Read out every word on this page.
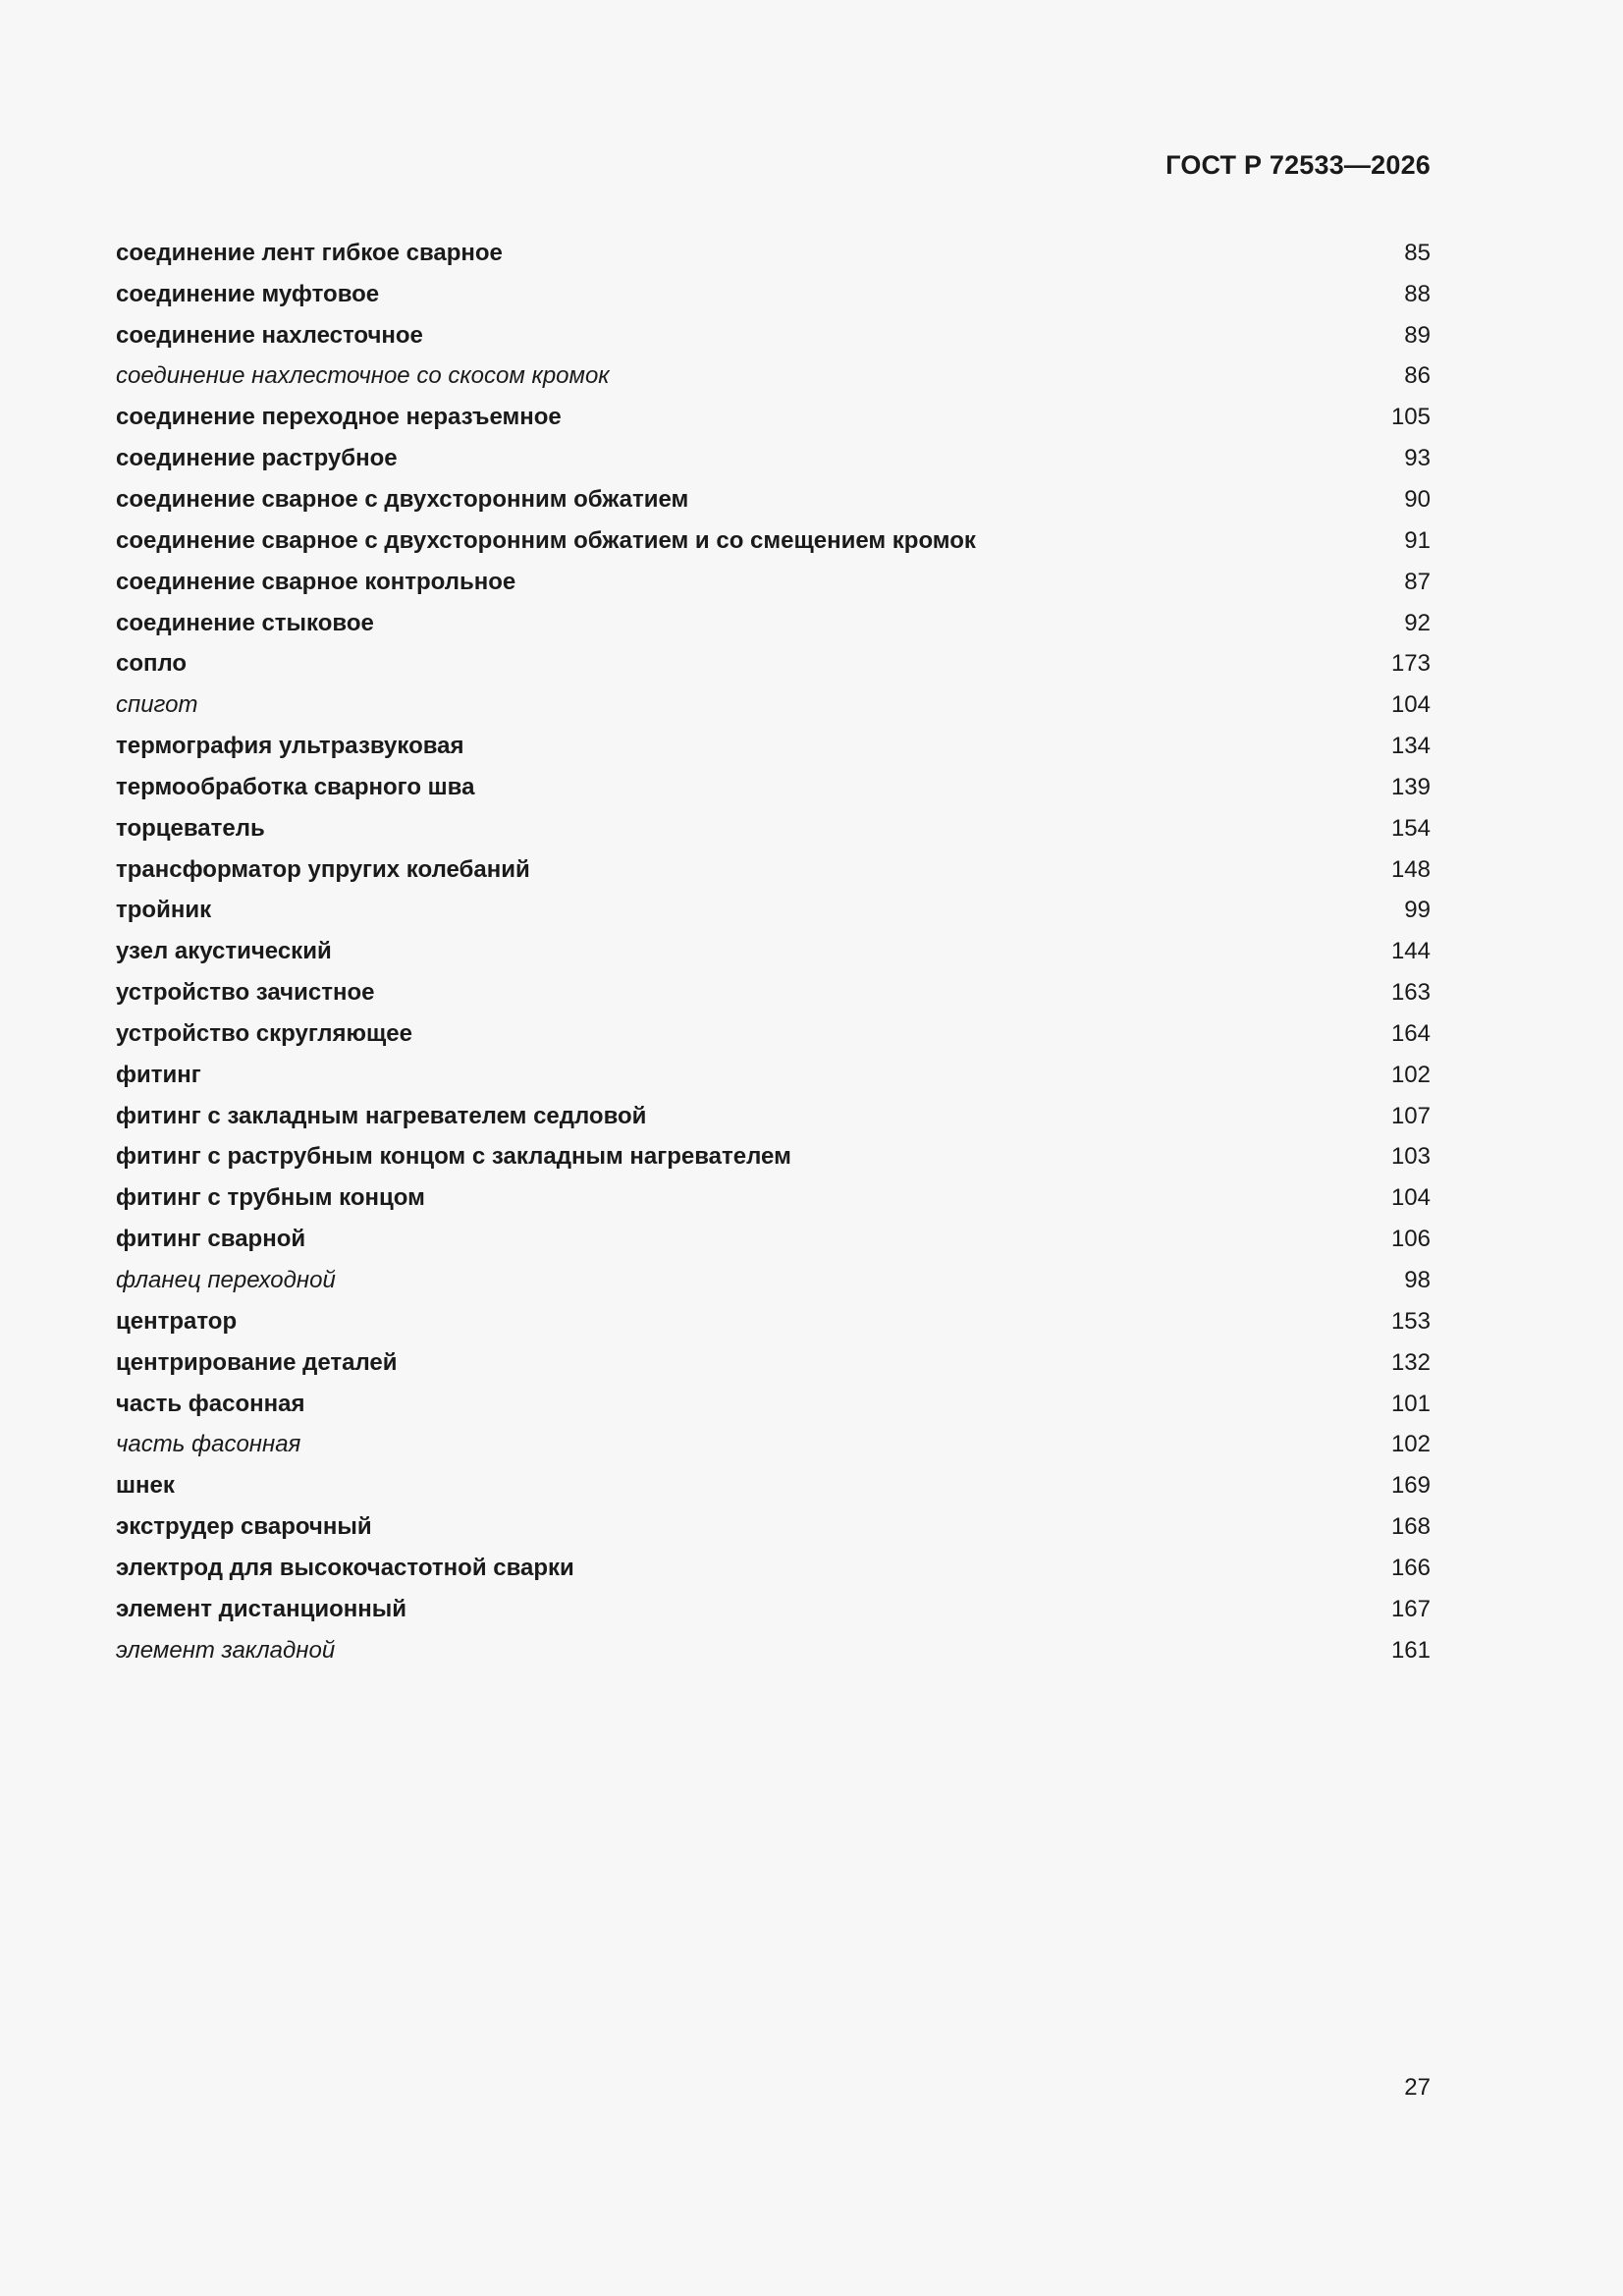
ГОСТ Р 72533—2026
соединение лент гибкое сварное	85
соединение муфтовое	88
соединение нахлесточное	89
соединение нахлесточное со скосом кромок	86
соединение переходное неразъемное	105
соединение раструбное	93
соединение сварное с двухсторонним обжатием	90
соединение сварное с двухсторонним обжатием и со смещением кромок	91
соединение сварное контрольное	87
соединение стыковое	92
сопло	173
спигот	104
термография ультразвуковая	134
термообработка сварного шва	139
торцеватель	154
трансформатор упругих колебаний	148
тройник	99
узел акустический	144
устройство зачистное	163
устройство скругляющее	164
фитинг	102
фитинг с закладным нагревателем седловой	107
фитинг с раструбным концом с закладным нагревателем	103
фитинг с трубным концом	104
фитинг сварной	106
фланец переходной	98
центратор	153
центрирование деталей	132
часть фасонная	101
часть фасонная	102
шнек	169
экструдер сварочный	168
электрод для высокочастотной сварки	166
элемент дистанционный	167
элемент закладной	161
27
